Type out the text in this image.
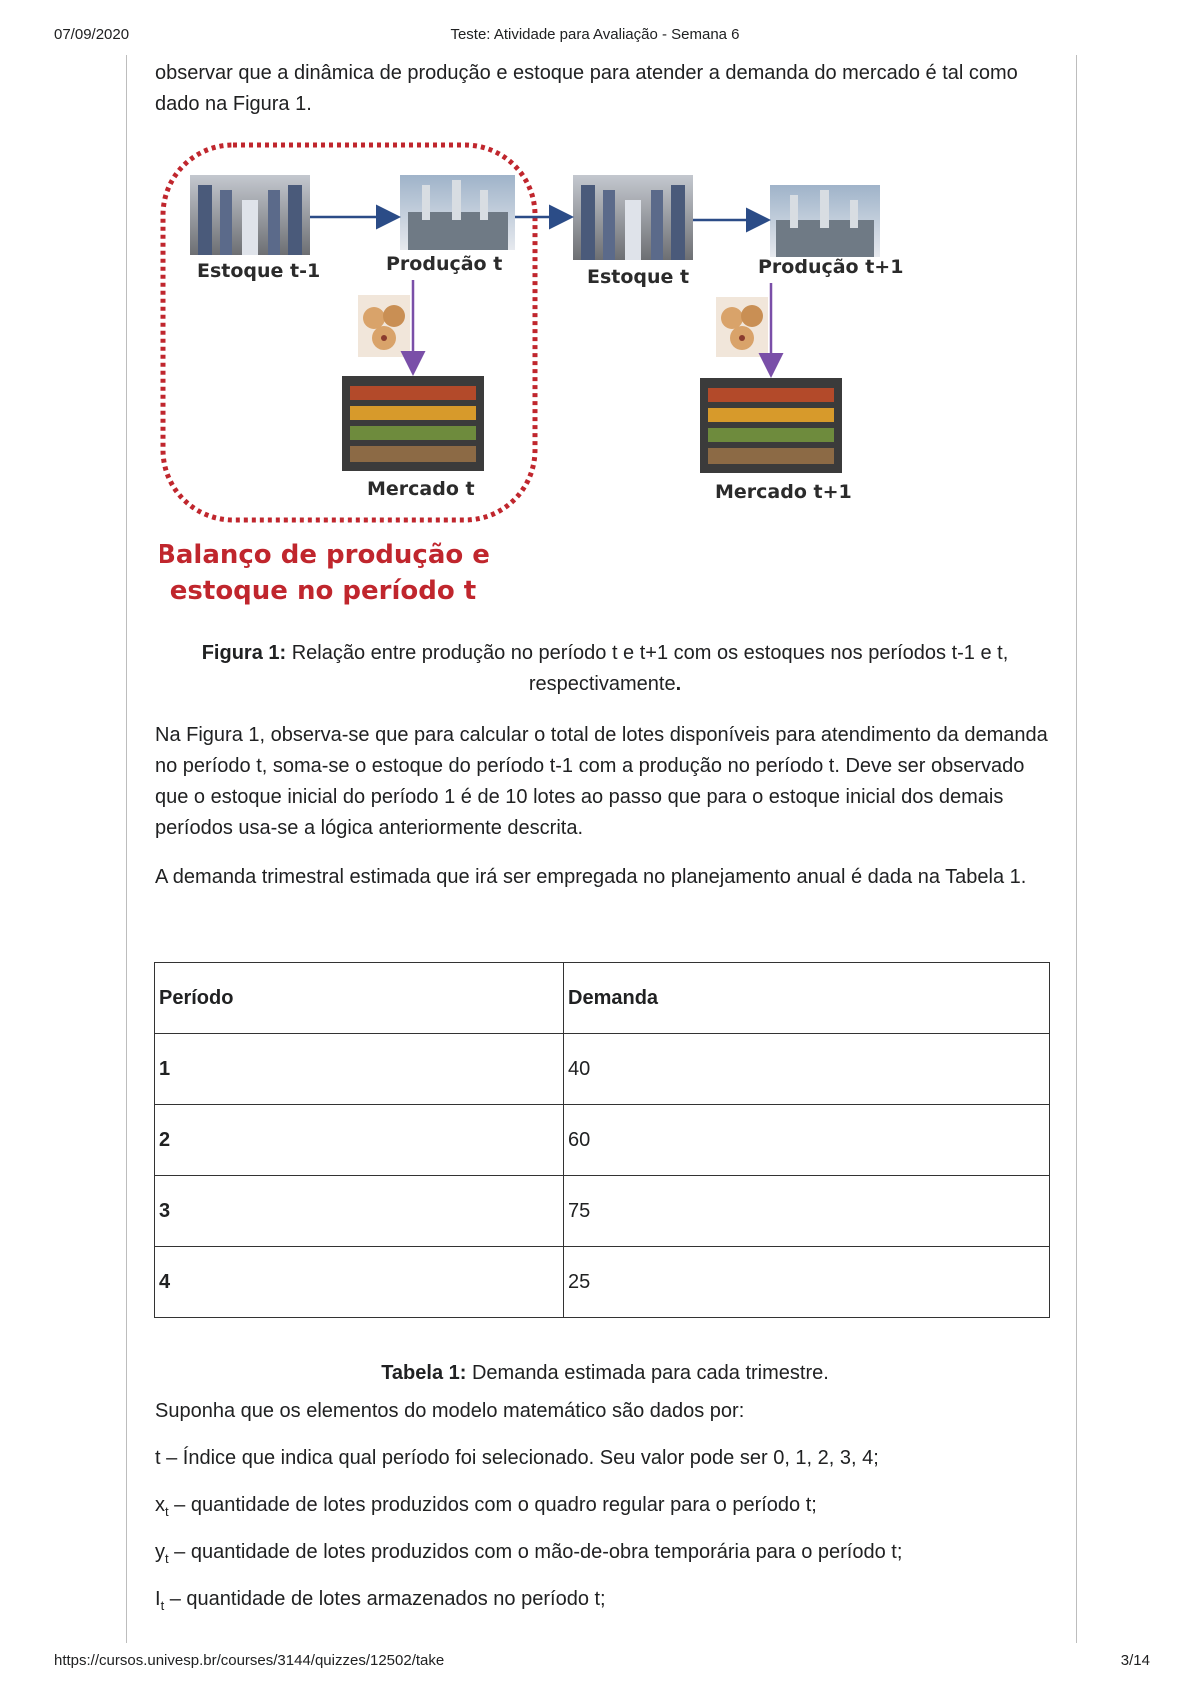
07/09/2020	Teste: Atividade para Avaliação - Semana 6

observar que a dinâmica de produção e estoque para atender a demanda do mercado é tal como dado na Figura 1.

Estoque t-1	Produção t
Estoque t	Produção t+1
Mercado t	Mercado t+1
Balanço de produção e
estoque no período t
Figura 1: Relação entre produção no período t e t+1 com os estoques nos períodos t-1 e t, respectivamente.

Na Figura 1, observa-se que para calcular o total de lotes disponíveis para atendimento da demanda no período t, soma-se o estoque do período t-1 com a produção no período t. Deve ser observado que o estoque inicial do período 1 é de 10 lotes ao passo que para o estoque inicial dos demais períodos usa-se a lógica anteriormente descrita.

A demanda trimestral estimada que irá ser empregada no planejamento anual é dada na Tabela 1.

Período	Demanda
1	40
2	60
3	75
4	25
Tabela 1: Demanda estimada para cada trimestre.
Suponha que os elementos do modelo matemático são dados por:
t – Índice que indica qual período foi selecionado. Seu valor pode ser 0, 1, 2, 3, 4;
$x_t$ – quantidade de lotes produzidos com o quadro regular para o período t;
$y_t$ – quantidade de lotes produzidos com o mão-de-obra temporária para o período t;
$I_t$ – quantidade de lotes armazenados no período t;
https://cursos.univesp.br/courses/3144/quizzes/12502/take	3/14
